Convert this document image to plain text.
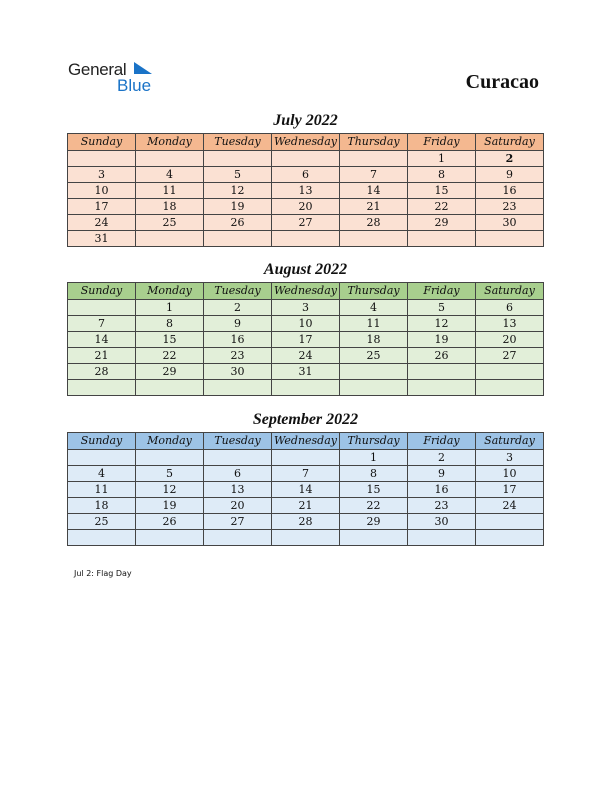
General
Blue	Curacao
July 2022
Sunday	Monday	Tuesday	Wednesday	Thursday	Friday	Saturday
					1	2
3	4	5	6	7	8	9
10	11	12	13	14	15	16
17	18	19	20	21	22	23
24	25	26	27	28	29	30
31						
August 2022
Sunday	Monday	Tuesday	Wednesday	Thursday	Friday	Saturday
	1	2	3	4	5	6
7	8	9	10	11	12	13
14	15	16	17	18	19	20
21	22	23	24	25	26	27
28	29	30	31			

September 2022
Sunday	Monday	Tuesday	Wednesday	Thursday	Friday	Saturday
				1	2	3
4	5	6	7	8	9	10
11	12	13	14	15	16	17
18	19	20	21	22	23	24
25	26	27	28	29	30	

Jul 2: Flag Day
